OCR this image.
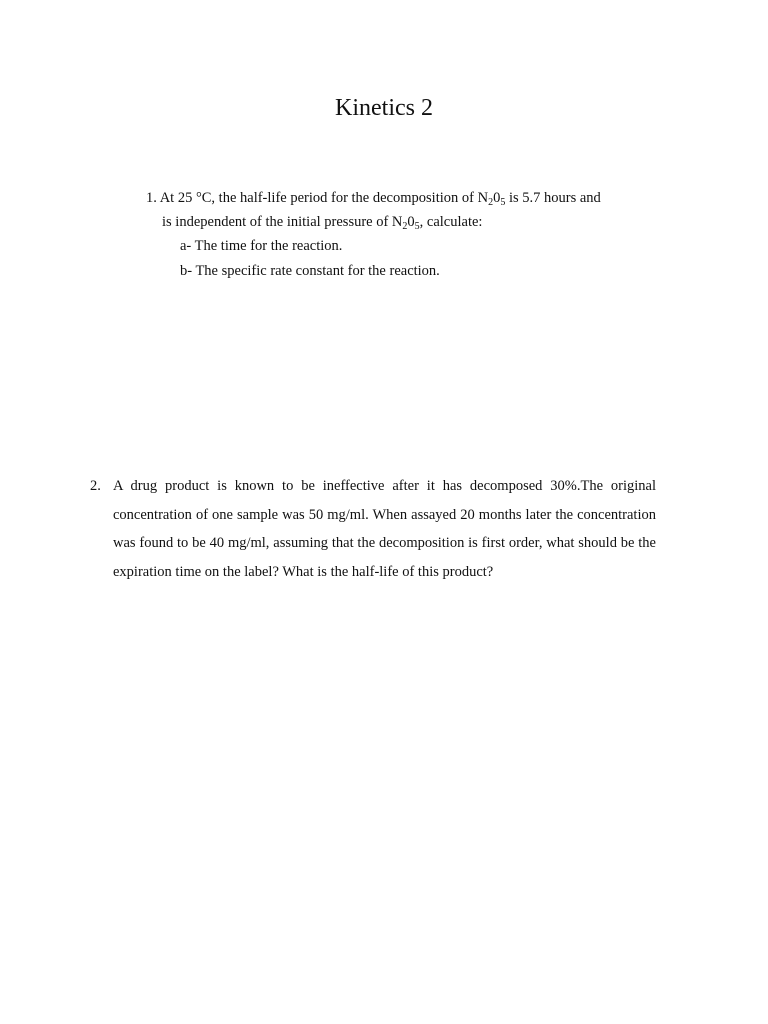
Kinetics 2
1. At 25 °C, the half-life period for the decomposition of $N_20_5$ is 5.7 hours and
is independent of the initial pressure of $N_20_5$, calculate:
a- The time for the reaction.
b- The specific rate constant for the reaction.
2. A drug product is known to be ineffective after it has decomposed 30%.The original concentration of one sample was 50 mg/ml. When assayed 20 months later the concentration was found to be 40 mg/ml, assuming that the decomposition is first order, what should be the expiration time on the label? What is the half-life of this product?
